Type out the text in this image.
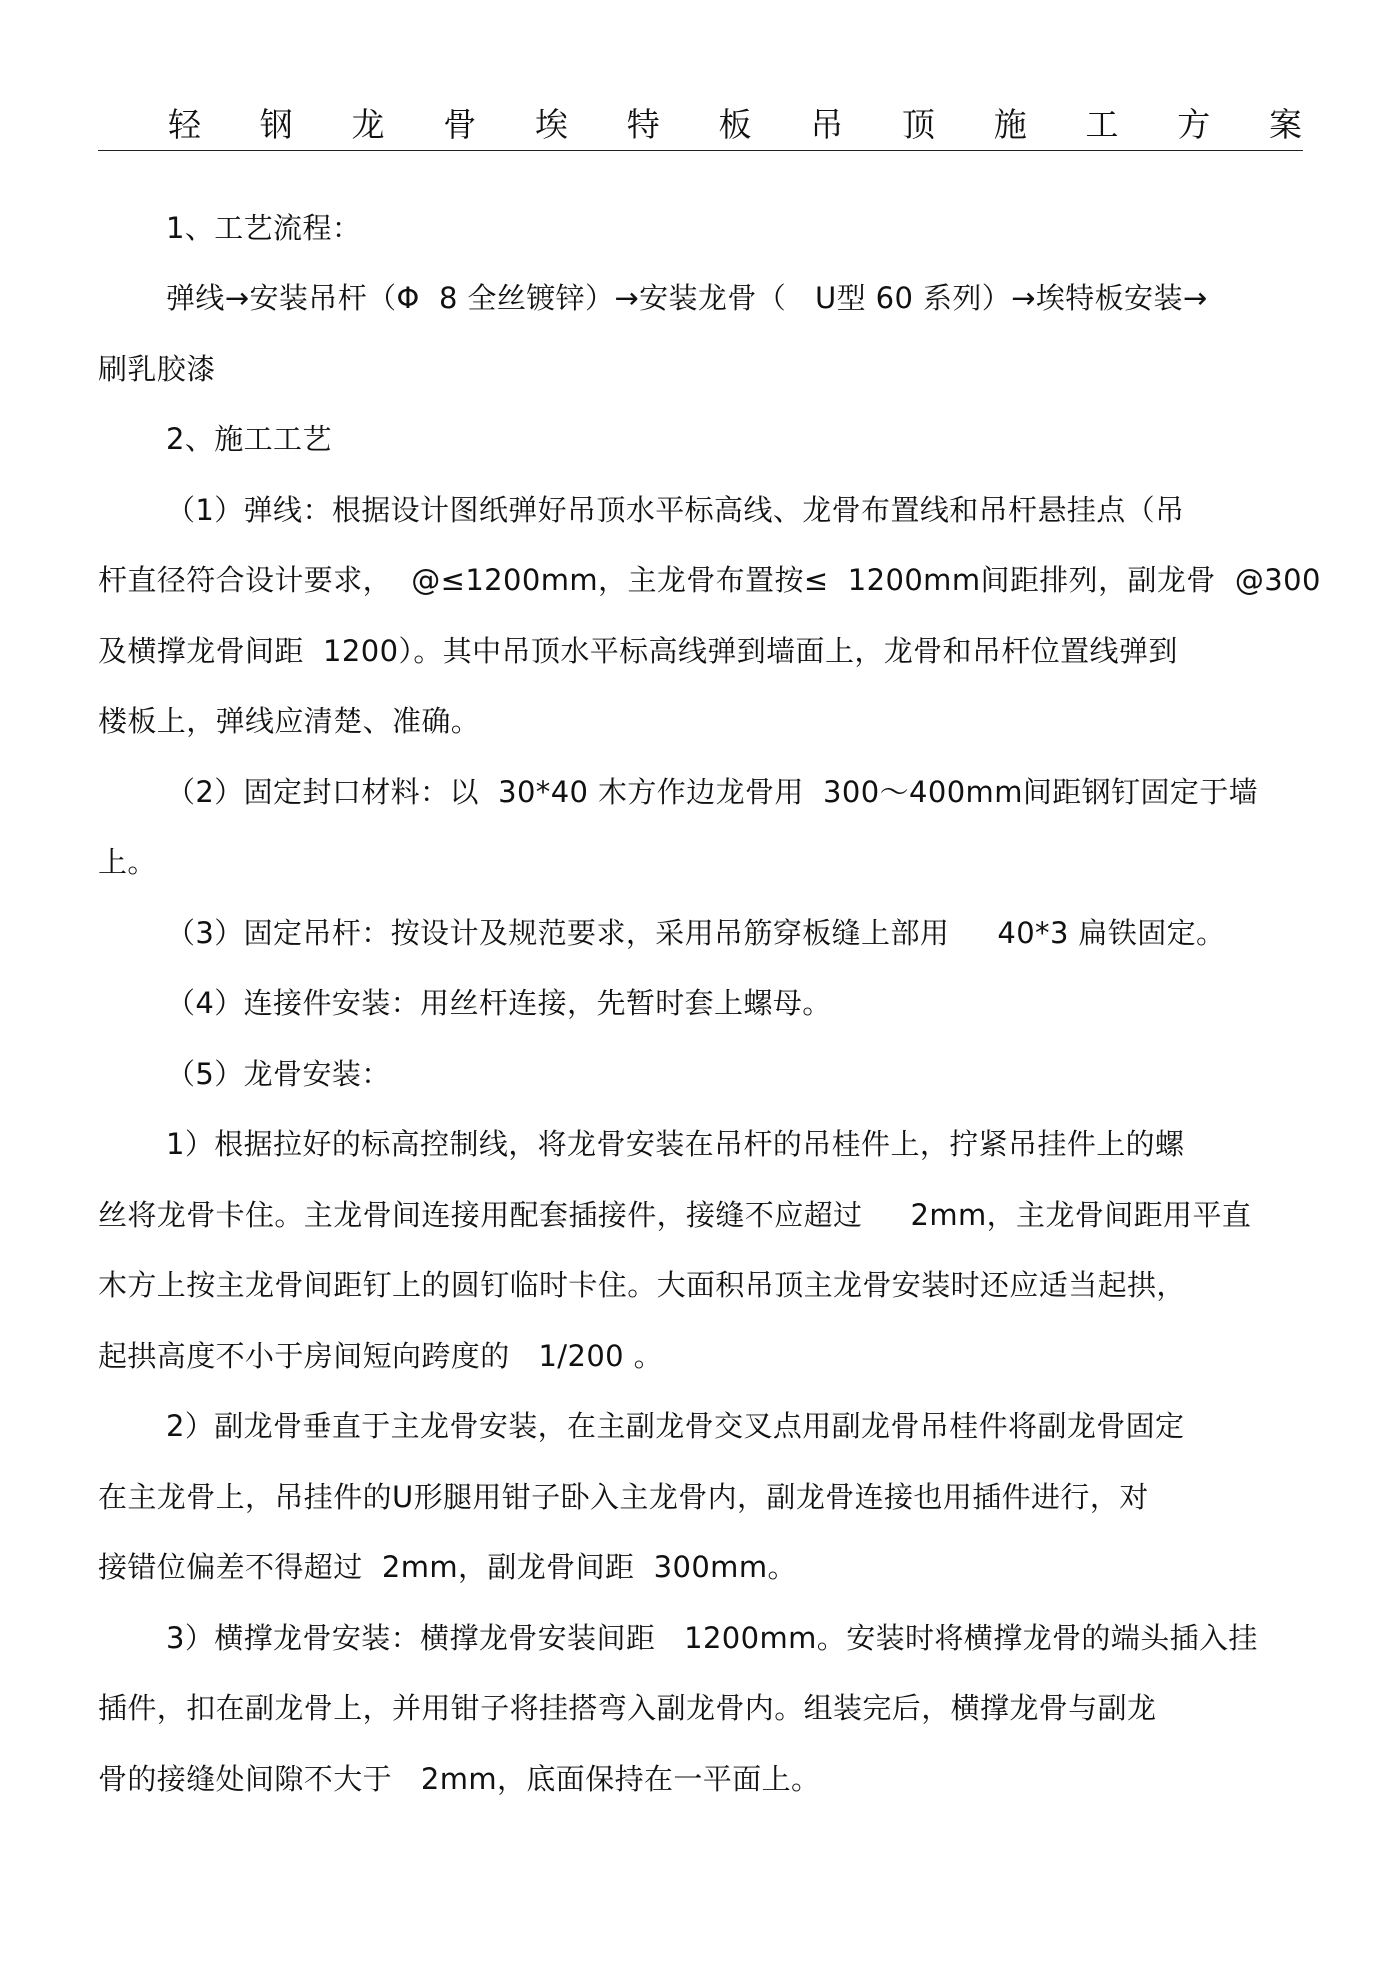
轻 钢 龙 骨 埃 特 板 吊 顶 施 工 方 案
1、工艺流程：
弹线→安装吊杆（Φ  8 全丝镀锌）→安装龙骨（   U型 60 系列）→埃特板安装→
刷乳胶漆
2、施工工艺
（1）弹线：根据设计图纸弹好吊顶水平标高线、龙骨布置线和吊杆悬挂点（吊
杆直径符合设计要求，  @≤1200mm，主龙骨布置按≤  1200mm间距排列，副龙骨  @300
及横撑龙骨间距  1200）。其中吊顶水平标高线弹到墙面上，龙骨和吊杆位置线弹到
楼板上，弹线应清楚、准确。
（2）固定封口材料：以  30*40 木方作边龙骨用  300～400mm间距钢钉固定于墙
上。
（3）固定吊杆：按设计及规范要求，采用吊筋穿板缝上部用     40*3 扁铁固定。
（4）连接件安装：用丝杆连接，先暂时套上螺母。
（5）龙骨安装：
1）根据拉好的标高控制线，将龙骨安装在吊杆的吊桂件上，拧紧吊挂件上的螺
丝将龙骨卡住。主龙骨间连接用配套插接件，接缝不应超过     2mm，主龙骨间距用平直
木方上按主龙骨间距钉上的圆钉临时卡住。大面积吊顶主龙骨安装时还应适当起拱，
起拱高度不小于房间短向跨度的   1/200 。
2）副龙骨垂直于主龙骨安装，在主副龙骨交叉点用副龙骨吊桂件将副龙骨固定
在主龙骨上，吊挂件的U形腿用钳子卧入主龙骨内，副龙骨连接也用插件进行，对
接错位偏差不得超过  2mm，副龙骨间距  300mm。
3）横撑龙骨安装：横撑龙骨安装间距   1200mm。安装时将横撑龙骨的端头插入挂
插件，扣在副龙骨上，并用钳子将挂搭弯入副龙骨内。组装完后，横撑龙骨与副龙
骨的接缝处间隙不大于   2mm，底面保持在一平面上。
